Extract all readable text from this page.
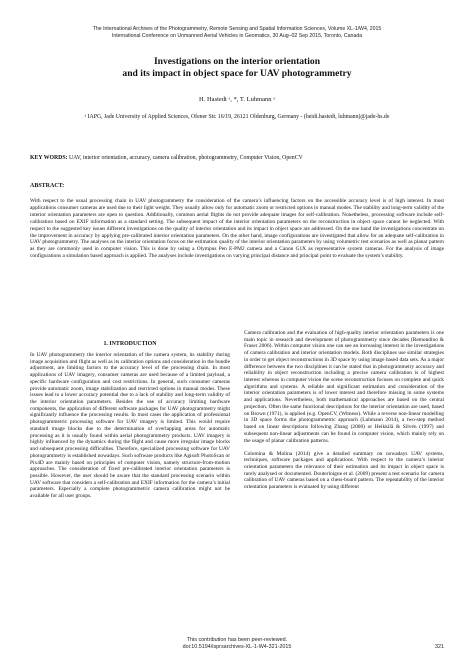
The International Archives of the Photogrammetry, Remote Sensing and Spatial Information Sciences, Volume XL-1/W4, 2015
International Conference on Unmanned Aerial Vehicles in Geomatics, 30 Aug–02 Sep 2015, Toronto, Canada
Investigations on the interior orientation
and its impact in object space for UAV photogrammetry
H. Hastedt ᵃ, *, T. Luhmann ᵃ
ᵃ IAPG, Jade University of Applied Sciences, Ofener Str. 16/19, 26121 Oldenburg, Germany - (heidi.hastedt, luhmann)@jade-hs.de
KEY WORDS: UAV, interior orientation, accuracy, camera calibration, photogrammetry, Computer Vision, OpenCV
ABSTRACT:
With respect to the usual processing chain in UAV photogrammetry the consideration of the camera’s influencing factors on the accessible accuracy level is of high interest. In most applications consumer cameras are used due to their light weight. They usually allow only for automatic zoom or restricted options in manual modes. The stability and long-term validity of the interior orientation parameters are open to question. Additionally, common aerial flights do not provide adequate images for self-calibration. Nonetheless, processing software include self-calibration based on EXIF information as a standard setting. The subsequent impact of the interior orientation parameters on the reconstruction in object space cannot be neglected. With respect to the suggested key issues different investigations on the quality of interior orientation and its impact in object space are addressed. On the one hand the investigations concentrate on the improvement in accuracy by applying pre-calibrated interior orientation parameters. On the other hand, image configurations are investigated that allow for an adequate self-calibration in UAV photogrammetry. The analyses on the interior orientation focus on the estimation quality of the interior orientation parameters by using volumetric test scenarios as well as planar pattern as they are commonly used in computer vision. This is done by using a Olympus Pen E-PM2 camera and a Canon G1X as representative system cameras. For the analysis of image configurations a simulation based approach is applied. The analyses include investigations on varying principal distance and principal point to evaluate the system’s stability.
1. INTRODUCTION

In UAV photogrammetry the interior orientation of the camera system, its stability during image acquisition and flight as well as its calibration options and consideration in the bundle adjustment, are limiting factors to the accuracy level of the processing chain. In most applications of UAV imagery, consumer cameras are used because of a limited payload, a specific hardware configuration and cost restrictions. In general, such consumer cameras provide automatic zoom, image stabilization and restricted options in manual modes. These issues lead to a lower accuracy potential due to a lack of stability and long-term validity of the interior orientation parameters. Besides the use of accuracy limiting hardware components, the application of different software packages for UAV photogrammetry might significantly influence the processing results. In most cases the application of professional photogrammetric processing software for UAV imagery is limited. This would require standard image blocks due to the determination of overlapping areas for automatic processing as it is usually found within aerial photogrammetry products. UAV imagery is highly influenced by the dynamics during the flight and cause more irregular image blocks and subsequent processing difficulties. Therefore, specialized processing software for UAV photogrammetry is established nowadays. Such software products like Agisoft PhotoScan or Pix4D are mainly based on principles of computer vision, namely structure-from-motion approaches. The consideration of fixed pre-calibrated interior orientation parameters is possible. However, the user should be aware that the standard processing scenario within UAV software that considers a self-calibration and EXIF information for the camera’s initial parameters. Especially a complete photogrammetric camera calibration might not be available for all user groups.

Camera calibration and the evaluation of high-quality interior orientation parameters is one main topic in research and development of photogrammetry since decades (Remondino & Fraser 2006). Within computer vision one can see an increasing interest in the investigations of camera calibration and interior orientation models. Both disciplines use similar strategies in order to get object reconstructions in 3D space by using image based data sets. As a major difference between the two disciplines it can be stated that in photogrammetry accuracy and reliability in object reconstruction including a precise camera calibration is of highest interest whereas in computer vision the scene reconstruction focuses on complete and quick algorithms and systems. A reliable and significant estimation and consideration of the interior orientation parameters is of lower interest and therefore missing in some systems and applications. Nevertheless, both mathematical approaches are based on the central projection. Often the same functional descriptions for the interior orientation are used, based on Brown (1971), is applied (e.g. OpenCV, (Witness). While a reverse non-linear modelling in 3D space forms the photogrammetric approach (Luhmann 2014), a two-step method based on linear descriptions following Zhang (2000) or Heikkilä & Silvén (1997) and subsequent non-linear adjustments can be found in computer vision, which mainly rely on the usage of planar calibration patterns.

Colomina & Molina (2014) give a detailed summary on nowadays UAV systems, techniques, software packages and applications. With respect to the camera’s interior orientation parameters the relevance of their estimation and its impact in object space is rarely analysed or documented. Douterloigne et al. (2009) present a test scenario for camera calibration of UAV cameras based on a chess-board pattern. The repeatability of the interior orientation parameters is evaluated by using different

This contribution has been peer-reviewed.
doi:10.5194/isprsarchives-XL-1-W4-321-2015	321
